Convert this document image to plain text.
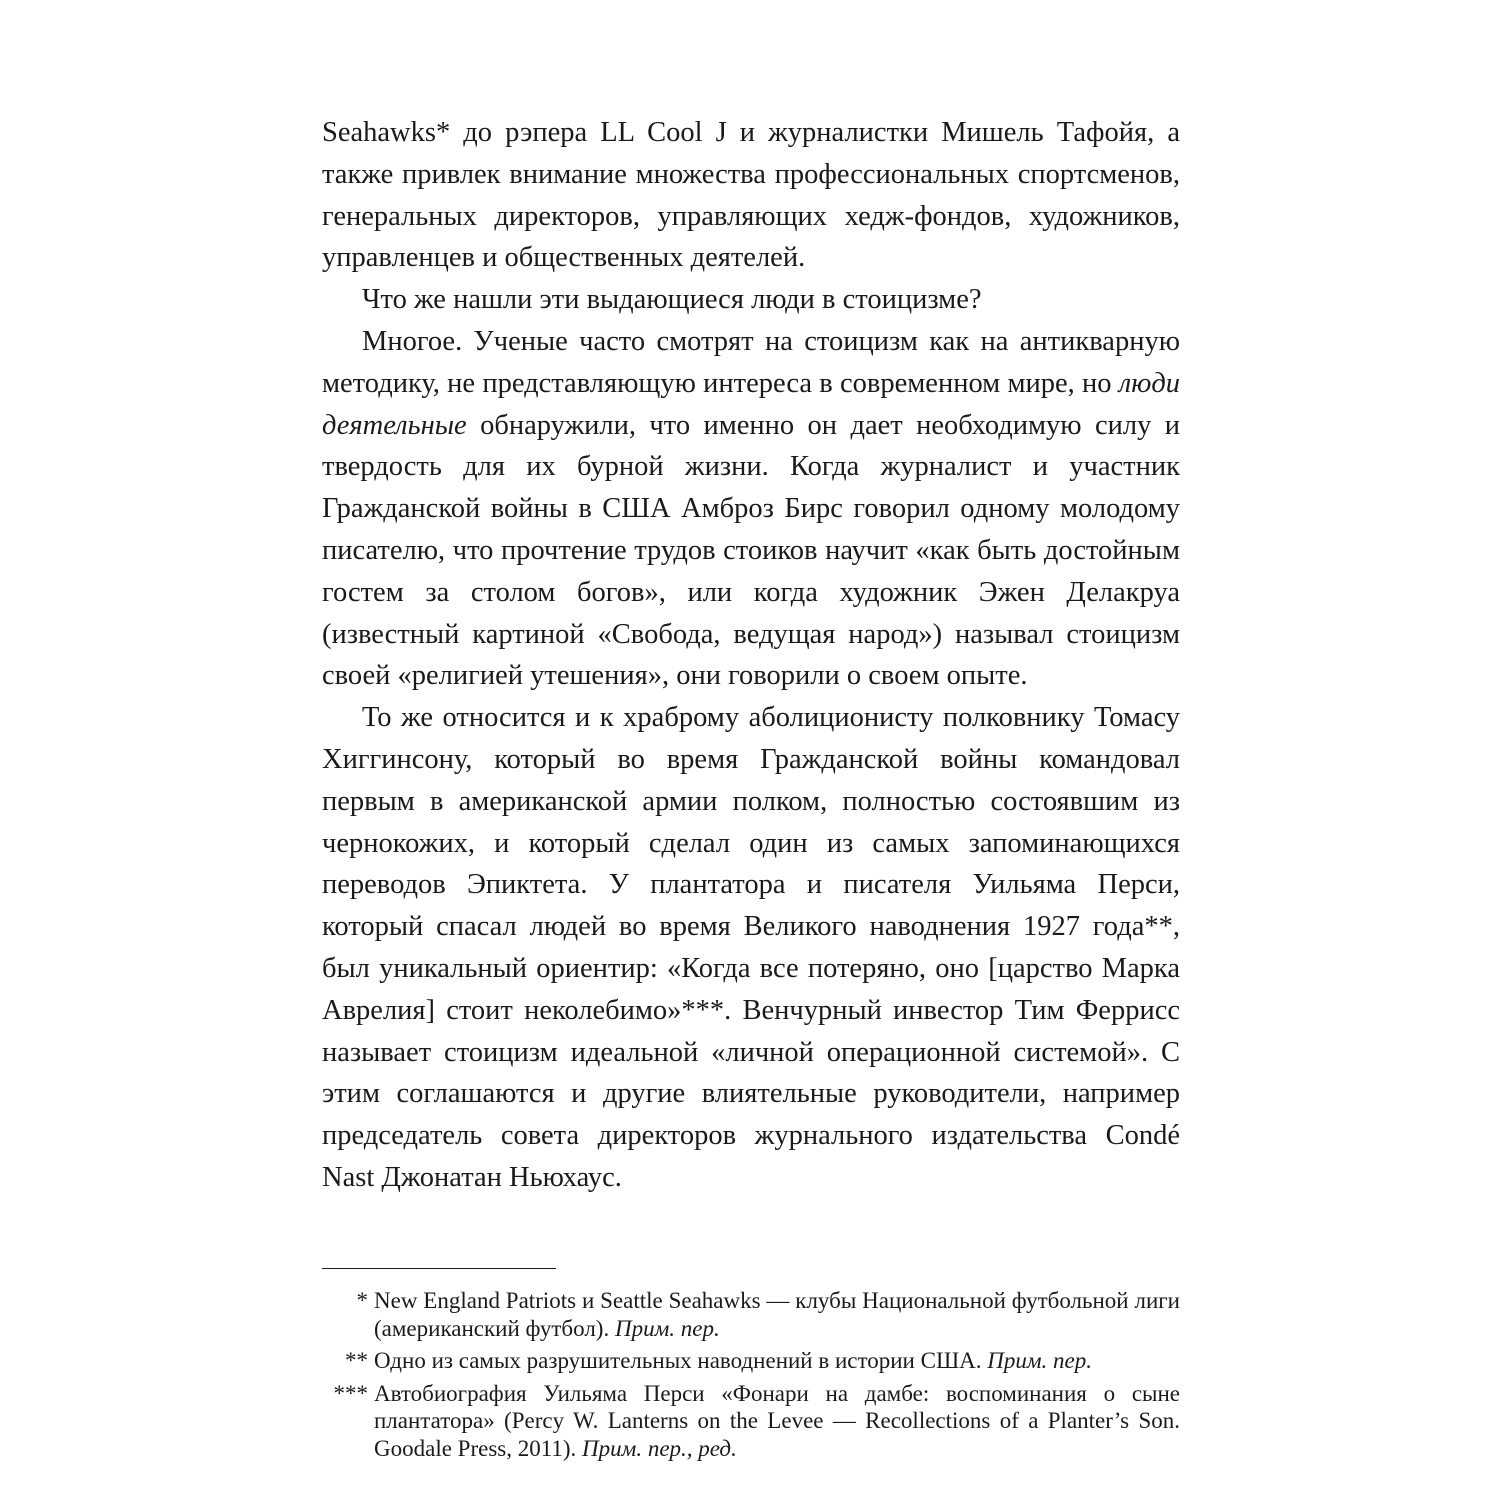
Seahawks* до рэпера LL Cool J и журналистки Мишель Тафойя, а также привлек внимание множества профессиональных спортсменов, генеральных директоров, управляющих хедж-фондов, художников, управленцев и общественных деятелей.

Что же нашли эти выдающиеся люди в стоицизме?

Многое. Ученые часто смотрят на стоицизм как на антикварную методику, не представляющую интереса в современном мире, но люди деятельные обнаружили, что именно он дает необходимую силу и твердость для их бурной жизни. Когда журналист и участник Гражданской войны в США Амброз Бирс говорил одному молодому писателю, что прочтение трудов стоиков научит «как быть достойным гостем за столом богов», или когда художник Эжен Делакруа (известный картиной «Свобода, ведущая народ») называл стоицизм своей «религией утешения», они говорили о своем опыте.

То же относится и к храброму аболиционисту полковнику Томасу Хиггинсону, который во время Гражданской войны командовал первым в американской армии полком, полностью состоявшим из чернокожих, и который сделал один из самых запоминающихся переводов Эпиктета. У плантатора и писателя Уильяма Перси, который спасал людей во время Великого наводнения 1927 года**, был уникальный ориентир: «Когда все потеряно, оно [царство Марка Аврелия] стоит неколебимо»***. Венчурный инвестор Тим Феррисс называет стоицизм идеальной «личной операционной системой». С этим соглашаются и другие влиятельные руководители, например председатель совета директоров журнального издательства Condé Nast Джонатан Ньюхаус.

* New England Patriots и Seattle Seahawks — клубы Национальной футбольной лиги (американский футбол). Прим. пер.
** Одно из самых разрушительных наводнений в истории США. Прим. пер.
*** Автобиография Уильяма Перси «Фонари на дамбе: воспоминания о сыне плантатора» (Percy W. Lanterns on the Levee — Recollections of a Planter’s Son. Goodale Press, 2011). Прим. пер., ред.
